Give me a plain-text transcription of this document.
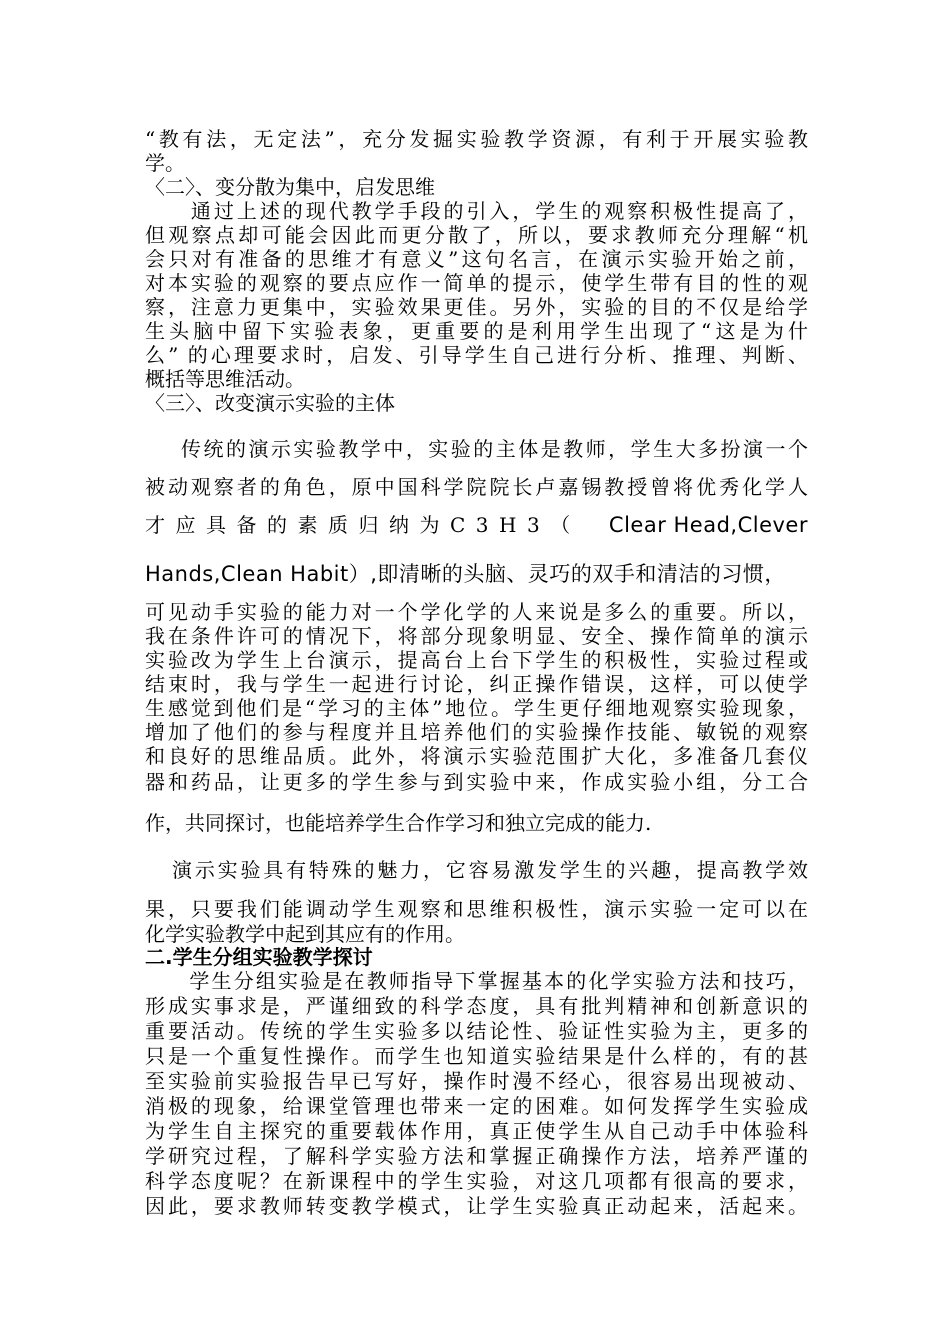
“教有法，无定法”，充分发掘实验教学资源，有利于开展实验教

学。

〈二〉、变分散为集中，启发思维

　　通过上述的现代教学手段的引入，学生的观察积极性提高了，

但观察点却可能会因此而更分散了，所以，要求教师充分理解“机

会只对有准备的思维才有意义”这句名言，在演示实验开始之前，

对本实验的观察的要点应作一简单的提示，使学生带有目的性的观

察，注意力更集中，实验效果更佳。另外，实验的目的不仅是给学

生头脑中留下实验表象，更重要的是利用学生出现了“这是为什

么” 的心理要求时，启发、引导学生自己进行分析、推理、判断、

概括等思维活动。

〈三〉、改变演示实验的主体

传统的演示实验教学中，实验的主体是教师，学生大多扮演一个

被动观察者的角色，原中国科学院院长卢嘉锡教授曾将优秀化学人

才应具备的素质归纳为C3H3（ Clear Head,Clever

Hands,Clean Habit）,即清晰的头脑、灵巧的双手和清洁的习惯，

可见动手实验的能力对一个学化学的人来说是多么的重要。所以，

我在条件许可的情况下，将部分现象明显、安全、操作简单的演示

实验改为学生上台演示，提高台上台下学生的积极性，实验过程或

结束时，我与学生一起进行讨论，纠正操作错误，这样，可以使学

生感觉到他们是“学习的主体”地位。学生更仔细地观察实验现象，

增加了他们的参与程度并且培养他们的实验操作技能、敏锐的观察

和良好的思维品质。此外，将演示实验范围扩大化，多准备几套仪

器和药品，让更多的学生参与到实验中来，作成实验小组，分工合

作，共同探讨，也能培养学生合作学习和独立完成的能力.

演示实验具有特殊的魅力，它容易激发学生的兴趣，提高教学效

果，只要我们能调动学生观察和思维积极性，演示实验一定可以在

化学实验教学中起到其应有的作用。

二.学生分组实验教学探讨

　　学生分组实验是在教师指导下掌握基本的化学实验方法和技巧，

形成实事求是，严谨细致的科学态度，具有批判精神和创新意识的

重要活动。传统的学生实验多以结论性、验证性实验为主，更多的

只是一个重复性操作。而学生也知道实验结果是什么样的，有的甚

至实验前实验报告早已写好，操作时漫不经心，很容易出现被动、

消极的现象，给课堂管理也带来一定的困难。如何发挥学生实验成

为学生自主探究的重要载体作用，真正使学生从自己动手中体验科

学研究过程，了解科学实验方法和掌握正确操作方法，培养严谨的

科学态度呢？在新课程中的学生实验，对这几项都有很高的要求，

因此，要求教师转变教学模式，让学生实验真正动起来，活起来。
